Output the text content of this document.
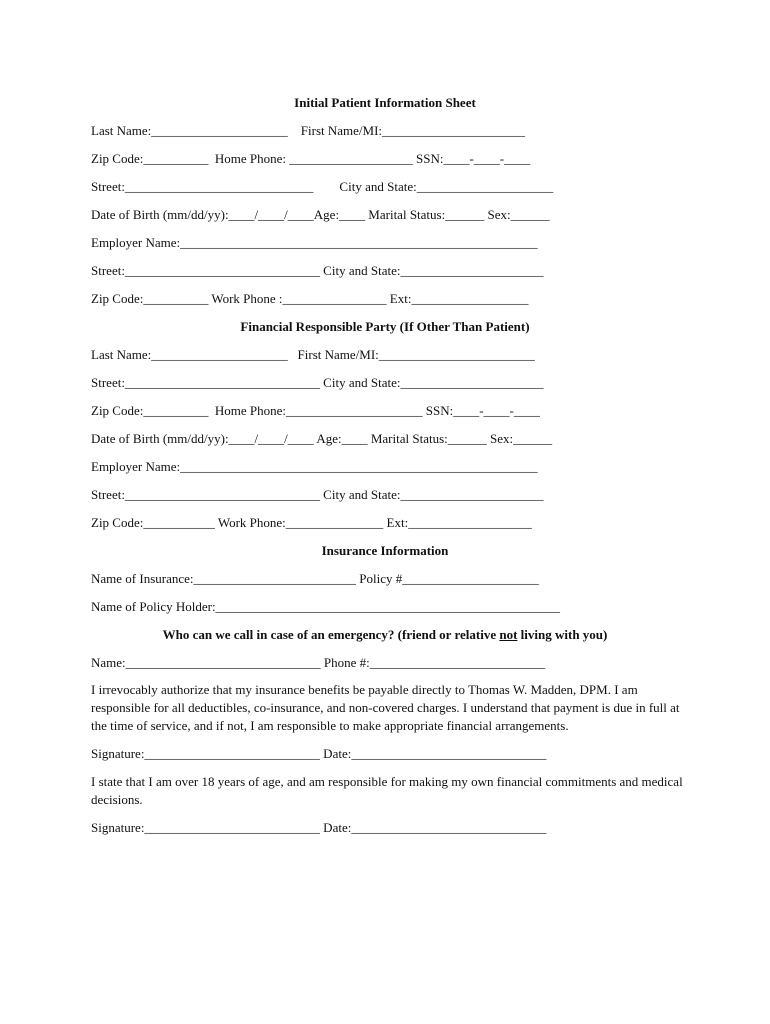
Initial Patient Information Sheet
Last Name:_____________________    First Name/MI:______________________
Zip Code:__________  Home Phone: ___________________ SSN:____-____-____
Street:_____________________________        City and State:_____________________
Date of Birth (mm/dd/yy):____/____/____Age:____ Marital Status:______ Sex:______
Employer Name:_______________________________________________________
Street:______________________________ City and State:______________________
Zip Code:__________ Work Phone :________________ Ext:__________________
Financial Responsible Party (If Other Than Patient)
Last Name:_____________________   First Name/MI:________________________
Street:______________________________ City and State:______________________
Zip Code:__________  Home Phone:_____________________ SSN:____-____-____
Date of Birth (mm/dd/yy):____/____/____ Age:____ Marital Status:______ Sex:______
Employer Name:_______________________________________________________
Street:______________________________ City and State:______________________
Zip Code:___________ Work Phone:_______________ Ext:___________________
Insurance Information
Name of Insurance:_________________________ Policy #_____________________
Name of Policy Holder:_____________________________________________________
Who can we call in case of an emergency? (friend or relative not living with you)
Name:______________________________ Phone #:___________________________
I irrevocably authorize that my insurance benefits be payable directly to Thomas W. Madden, DPM. I am responsible for all deductibles, co-insurance, and non-covered charges. I understand that payment is due in full at the time of service, and if not, I am responsible to make appropriate financial arrangements.
Signature:___________________________ Date:______________________________
I state that I am over 18 years of age, and am responsible for making my own financial commitments and medical decisions.
Signature:___________________________ Date:______________________________
